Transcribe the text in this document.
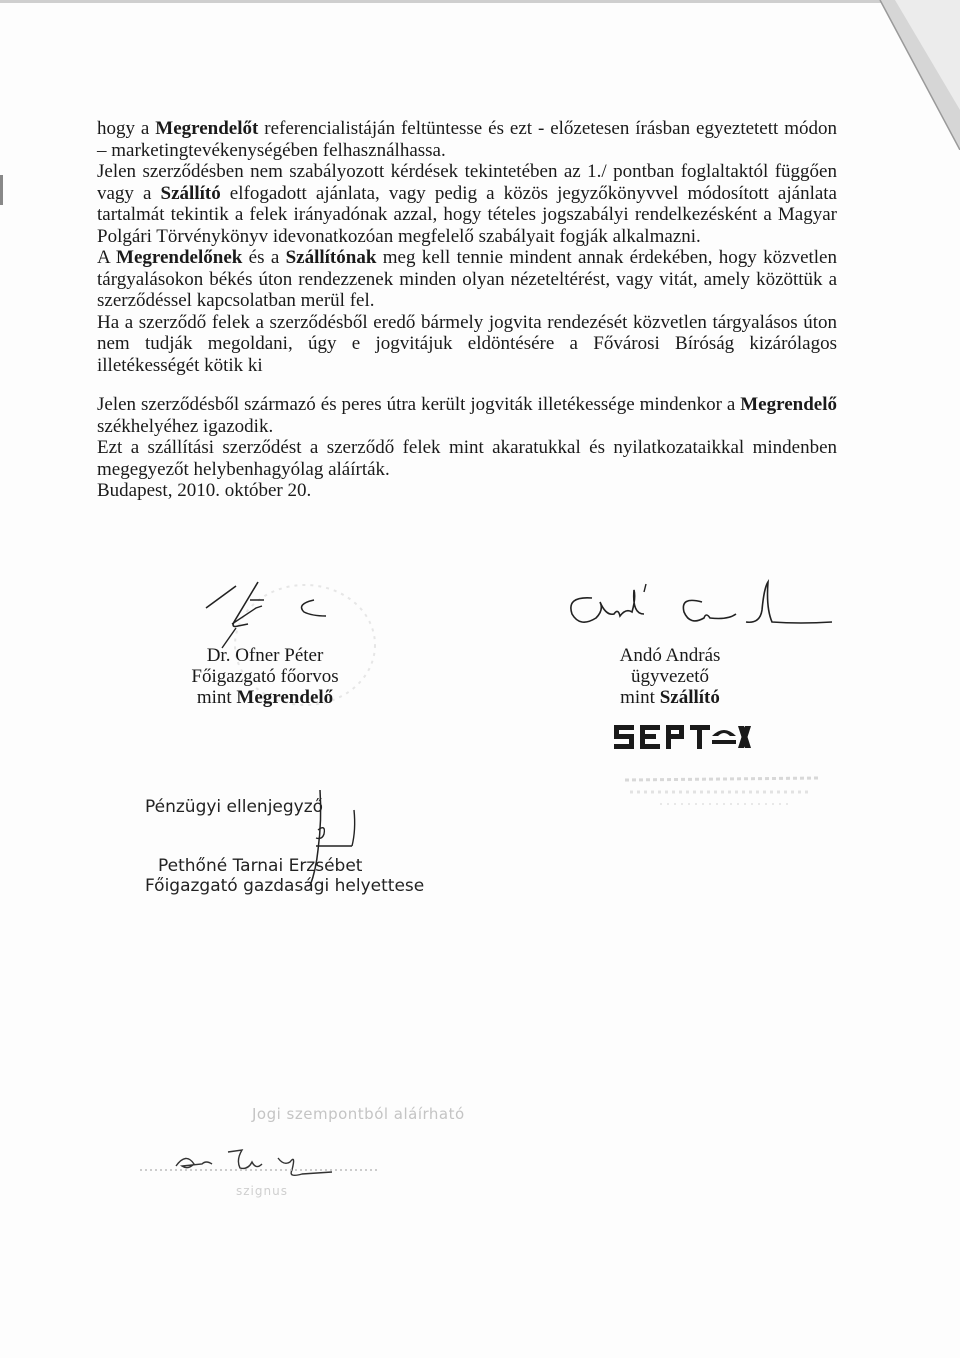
hogy a Megrendelőt referencialistáján feltüntesse és ezt - előzetesen írásban egyeztetett módon – marketingtevékenységében felhasználhassa.

Jelen szerződésben nem szabályozott kérdések tekintetében az 1./ pontban foglaltaktól függően vagy a Szállító elfogadott ajánlata, vagy pedig a közös jegyzőkönyvvel módosított ajánlata tartalmát tekintik a felek irányadónak azzal, hogy tételes jogszabályi rendelkezésként a Magyar Polgári Törvénykönyv idevonatkozóan megfelelő szabályait fogják alkalmazni.

A Megrendelőnek és a Szállítónak meg kell tennie mindent annak érdekében, hogy közvetlen tárgyalásokon békés úton rendezzenek minden olyan nézeteltérést, vagy vitát, amely közöttük a szerződéssel kapcsolatban merül fel.

Ha a szerződő felek a szerződésből eredő bármely jogvita rendezését közvetlen tárgyalásos úton nem tudják megoldani, úgy e jogvitájuk eldöntésére a Fővárosi Bíróság kizárólagos illetékességét kötik ki

Jelen szerződésből származó és peres útra került jogviták illetékessége mindenkor a Megrendelő székhelyéhez igazodik.

Ezt a szállítási szerződést a szerződő felek mint akaratukkal és nyilatkozataikkal mindenben megegyezőt helybenhagyólag aláírták.

Budapest, 2010. október 20.

Dr. Ofner Péter
Főigazgató főorvos
mint Megrendelő
Andó András
ügyvezető
mint Szállító
Pénzügyi ellenjegyző
Pethőné Tarnai Erzsébet
Főigazgató gazdasági helyettese
Jogi szempontból aláírható
szignus
